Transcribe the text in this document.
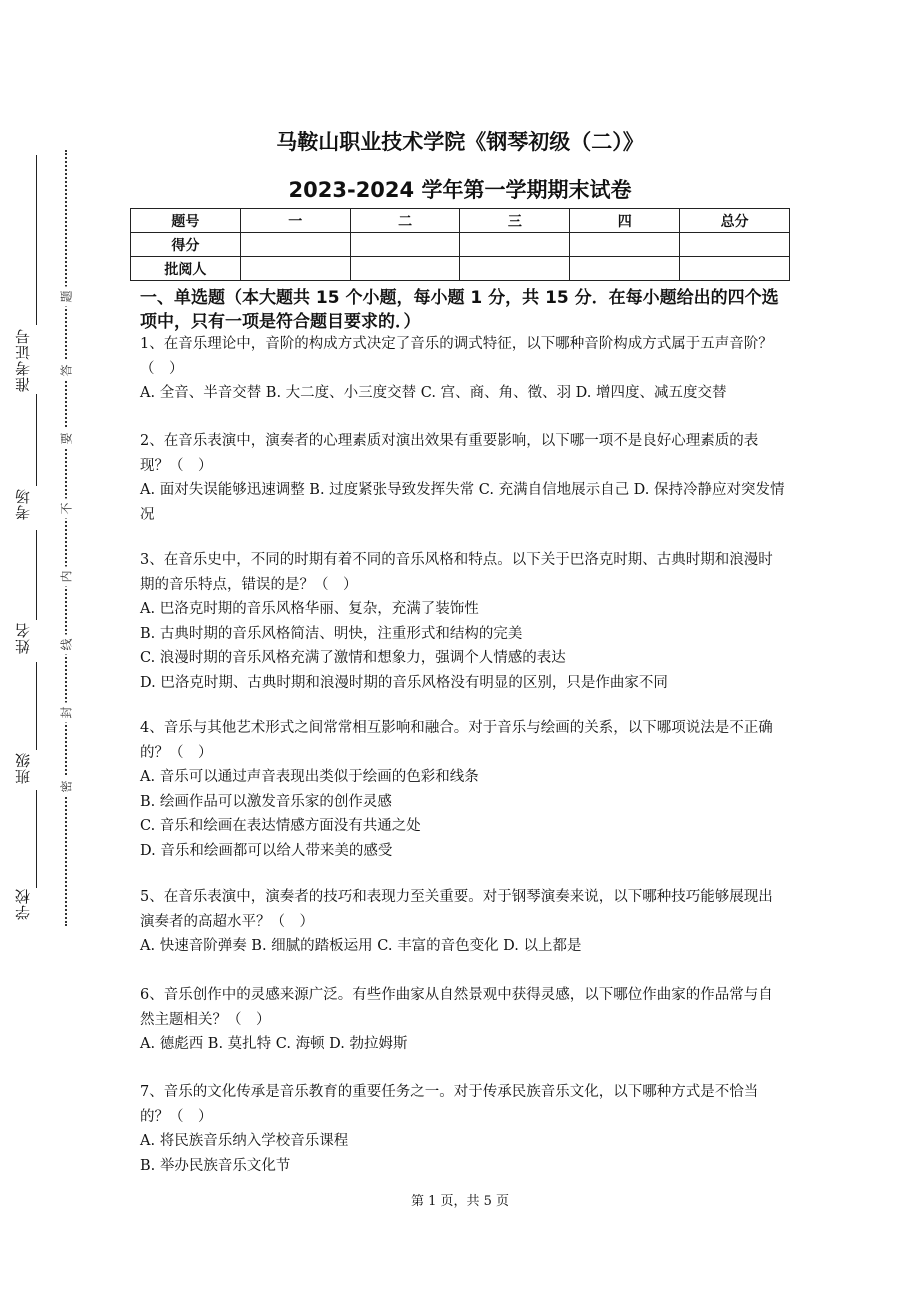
学校
班级
姓名
考场
准考证号
密
封
线
内
不
要
答
题
马鞍山职业技术学院《钢琴初级（二）》
2023-2024 学年第一学期期末试卷
题号	一	二	三	四	总分
得分					
批阅人					
一、单选题（本大题共 15 个小题，每小题 1 分，共 15 分．在每小题给出的四个选项中，只有一项是符合题目要求的．）

1、在音乐理论中，音阶的构成方式决定了音乐的调式特征，以下哪种音阶构成方式属于五声音阶？（　）

A. 全音、半音交替 B. 大二度、小三度交替 C. 宫、商、角、徵、羽 D. 增四度、减五度交替

2、在音乐表演中，演奏者的心理素质对演出效果有重要影响，以下哪一项不是良好心理素质的表现？（　）

A. 面对失误能够迅速调整 B. 过度紧张导致发挥失常 C. 充满自信地展示自己 D. 保持冷静应对突发情况

3、在音乐史中，不同的时期有着不同的音乐风格和特点。以下关于巴洛克时期、古典时期和浪漫时期的音乐特点，错误的是？（　）

A. 巴洛克时期的音乐风格华丽、复杂，充满了装饰性

B. 古典时期的音乐风格简洁、明快，注重形式和结构的完美

C. 浪漫时期的音乐风格充满了激情和想象力，强调个人情感的表达

D. 巴洛克时期、古典时期和浪漫时期的音乐风格没有明显的区别，只是作曲家不同

4、音乐与其他艺术形式之间常常相互影响和融合。对于音乐与绘画的关系，以下哪项说法是不正确的？（　）

A. 音乐可以通过声音表现出类似于绘画的色彩和线条

B. 绘画作品可以激发音乐家的创作灵感

C. 音乐和绘画在表达情感方面没有共通之处

D. 音乐和绘画都可以给人带来美的感受

5、在音乐表演中，演奏者的技巧和表现力至关重要。对于钢琴演奏来说，以下哪种技巧能够展现出演奏者的高超水平？（　）

A. 快速音阶弹奏 B. 细腻的踏板运用 C. 丰富的音色变化 D. 以上都是

6、音乐创作中的灵感来源广泛。有些作曲家从自然景观中获得灵感，以下哪位作曲家的作品常与自然主题相关？（　）

A. 德彪西 B. 莫扎特 C. 海顿 D. 勃拉姆斯

7、音乐的文化传承是音乐教育的重要任务之一。对于传承民族音乐文化，以下哪种方式是不恰当的？（　）

A. 将民族音乐纳入学校音乐课程

B. 举办民族音乐文化节

第 1 页，共 5 页
